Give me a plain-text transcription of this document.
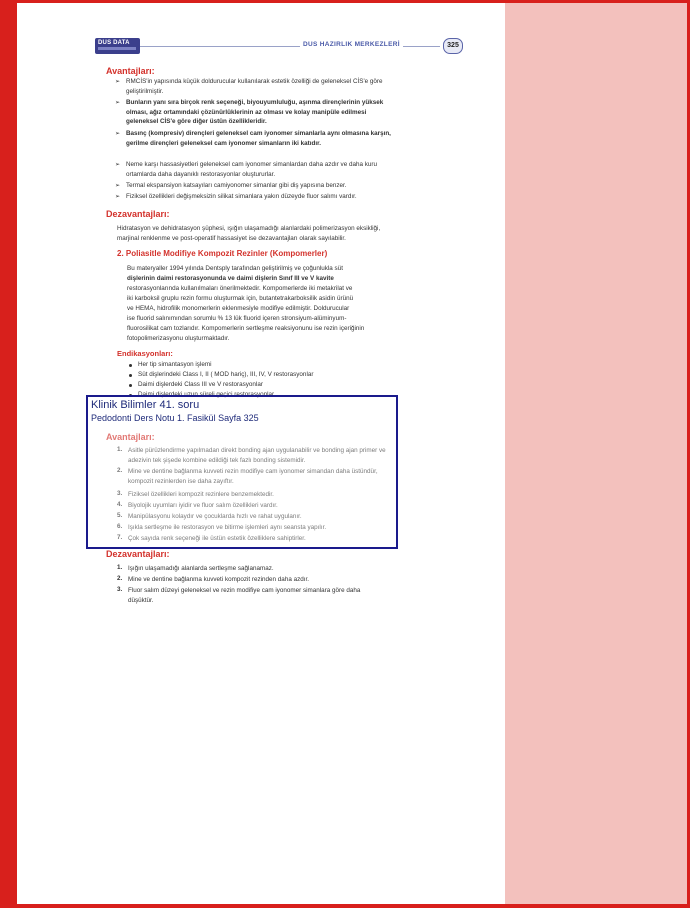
DUS DATA	DUS HAZIRLIK MERKEZLERİ	325
Avantajları:
➢ RMCİS'in yapısında küçük doldurucular kullanılarak estetik özelliği de geleneksel CİS'e göre geliştirilmiştir.
➢ Bunların yanı sıra birçok renk seçeneği, biyouyumluluğu, aşınma dirençlerinin yüksek olması, ağız ortamındaki çözünürlüklerinin az olması ve kolay manipüle edilmesi geleneksel CİS'e göre diğer üstün özellikleridir.
➢ Basınç (kompresiv) dirençleri geleneksel cam iyonomer simanlarla aynı olmasına karşın, gerilme dirençleri geleneksel cam iyonomer simanların iki katıdır.
➢ Neme karşı hassasiyetleri geleneksel cam iyonomer simanlardan daha azdır ve daha kuru ortamlarda daha dayanıklı restorasyonlar oluştururlar.
➢ Termal ekspansiyon katsayıları camiyonomer simanlar gibi diş yapısına benzer.
➢ Fiziksel özellikleri değişmeksizin silikat simanlara yakın düzeyde fluor salımı vardır.
Dezavantajları:
Hidratasyon ve dehidratasyon şüphesi, ışığın ulaşamadığı alanlardaki polimerizasyon eksikliği, marjinal renklenme ve post-operatif hassasiyet ise dezavantajları olarak sayılabilir.
2. Poliasitle Modifiye Kompozit Rezinler (Kompomerler)
Bu materyaller 1994 yılında Dentsply tarafından geliştirilmiş ve çoğunlukla süt
dişlerinin daimi restorasyonunda ve daimi dişlerin Sınıf III ve V kavite
restorasyonlarında kullanılmaları önerilmektedir. Kompomerlerde iki metakrilat ve
iki karboksil gruplu rezin formu oluşturmak için, butantetrakarboksilik asidin ürünü
ve HEMA, hidrofilik monomerlerin eklenmesiyle modifiye edilmiştir. Doldurucular
ise fluorid salınımından sorumlu % 13 lük fluorid içeren stronsiyum-alüminyum-
fluorosilikat cam tozlarıdır. Kompomerlerin sertleşme reaksiyonunu ise rezin içeriğinin
fotopolimerizasyonu oluşturmaktadır.
Endikasyonları:
Her tip simantasyon işlemi
Süt dişlerindeki Class I, II ( MOD hariç), III, IV, V restorasyonlar
Daimi dişlerdeki Class III ve V restorasyonlar
Daimi dişlerdeki uzun süreli geçici restorasyonlar
Klinik Bilimler 41. soru
Pedodonti Ders Notu 1. Fasikül Sayfa 325
Avantajları:
1. Asitle pürüzlendirme yapılmadan direkt bonding ajan uygulanabilir ve bonding ajan primer ve adezivin tek şişede kombine edildiği tek fazlı bonding sistemidir.
2. Mine ve dentine bağlanma kuvveti rezin modifiye cam iyonomer simandan daha üstündür, kompozit rezinlerden ise daha zayıftır.
3. Fiziksel özellikleri kompozit rezinlere benzemektedir.
4. Biyolojik uyumları iyidir ve fluor salım özellikleri vardır.
5. Manipülasyonu kolaydır ve çocuklarda hızlı ve rahat uygulanır.
6. Işıkla sertleşme ile restorasyon ve bitirme işlemleri aynı seansta yapılır.
7. Çok sayıda renk seçeneği ile üstün estetik özelliklere sahiptirler.
Dezavantajları:
1. Işığın ulaşamadığı alanlarda sertleşme sağlanamaz.
2. Mine ve dentine bağlanma kuvveti kompozit rezinden daha azdır.
3. Fluor salım düzeyi geleneksel ve rezin modifiye cam iyonomer simanlara göre daha düşüktür.
